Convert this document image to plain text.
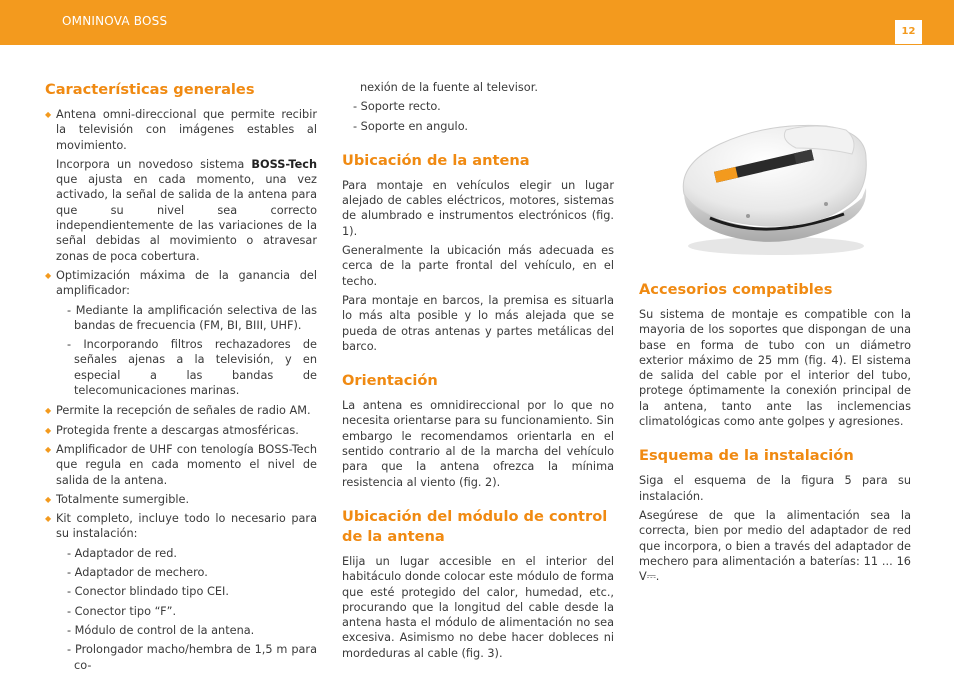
OMNINOVA BOSS
12
Características generales

◆ Antena omni-direccional que permite recibir la televisión con imágenes estables al movimiento.

Incorpora un novedoso sistema BOSS-Tech que ajusta en cada momento, una vez activado, la señal de salida de la antena para que su nivel sea correcto independientemente de las variaciones de la señal debidas al movimiento o atravesar zonas de poca cobertura.

◆ Optimización máxima de la ganancia del amplificador:

- Mediante la amplificación selectiva de las bandas de frecuencia (FM, BI, BIII, UHF).

- Incorporando filtros rechazadores de señales ajenas a la televisión, y en especial a las bandas de telecomunicaciones marinas.

◆ Permite la recepción de señales de radio AM.

◆ Protegida frente a descargas atmosféricas.

◆ Amplificador de UHF con tenología BOSS-Tech que regula en cada momento el nivel de salida de la antena.

◆ Totalmente sumergible.

◆ Kit completo, incluye todo lo necesario para su instalación:

- Adaptador de red.

- Adaptador de mechero.

- Conector blindado tipo CEI.

- Conector tipo “F”.

- Módulo de control de la antena.

- Prolongador macho/hembra de 1,5 m para co-

nexión de la fuente al televisor.

- Soporte recto.

- Soporte en angulo.

Ubicación de la antena

Para montaje en vehículos elegir un lugar alejado de cables eléctricos, motores, sistemas de alumbrado e instrumentos electrónicos (fig. 1).

Generalmente la ubicación más adecuada es cerca de la parte frontal del vehículo, en el techo.

Para montaje en barcos, la premisa es situarla lo más alta posible y lo más alejada que se pueda de otras antenas y partes metálicas del barco.

Orientación

La antena es omnidireccional por lo que no necesita orientarse para su funcionamiento. Sin embargo le recomendamos orientarla en el sentido contrario al de la marcha del vehículo para que la antena ofrezca la mínima resistencia al viento (fig. 2).

Ubicación del módulo de control de la antena

Elija un lugar accesible en el interior del habitáculo donde colocar este módulo de forma que esté protegido del calor, humedad, etc., procurando que la longitud del cable desde la antena hasta el módulo de alimentación no sea excesiva. Asimismo no debe hacer dobleces ni mordeduras al cable (fig. 3).

Accesorios compatibles

Su sistema de montaje es compatible con la mayoria de los soportes que dispongan de una base en forma de tubo con un diámetro exterior máximo de 25 mm (fig. 4). El sistema de salida del cable por el interior del tubo, protege óptimamente la conexión principal de la antena, tanto ante las inclemencias climatológicas como ante golpes y agresiones.

Esquema de la instalación

Siga el esquema de la figura 5 para su instalación.

Asegúrese de que la alimentación sea la correcta, bien por medio del adaptador de red que incorpora, o bien a través del adaptador de mechero para alimentación a baterías: 11 ... 16 V⎓.
